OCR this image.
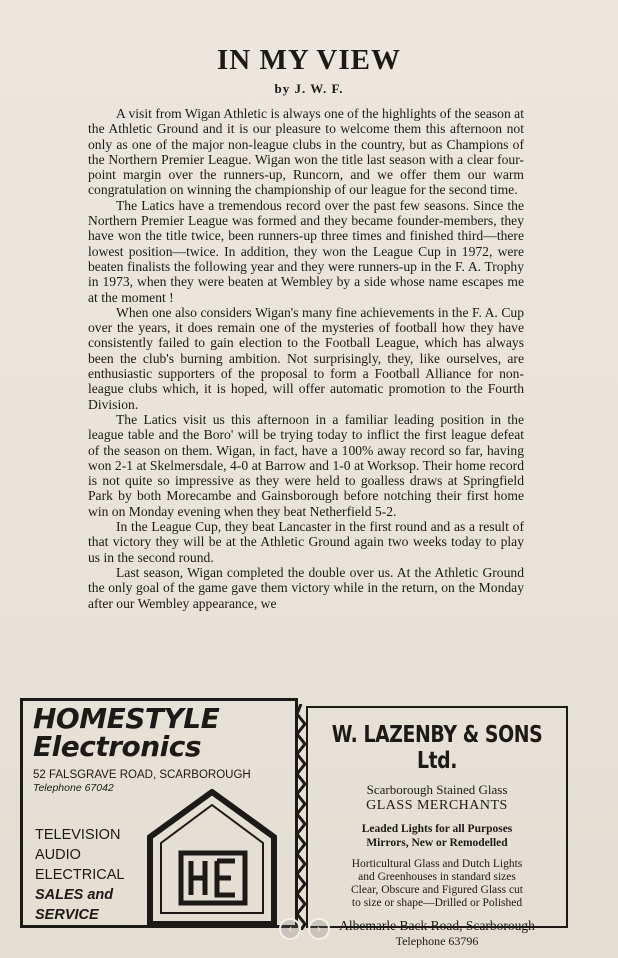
IN MY VIEW
by J. W. F.

A visit from Wigan Athletic is always one of the highlights of the season at the Athletic Ground and it is our pleasure to welcome them this afternoon not only as one of the major non-league clubs in the country, but as Champions of the Northern Premier League. Wigan won the title last season with a clear four-point margin over the runners-up, Runcorn, and we offer them our warm congratulation on winning the championship of our league for the second time.

The Latics have a tremendous record over the past few seasons. Since the Northern Premier League was formed and they became founder-members, they have won the title twice, been runners-up three times and finished third—there lowest position—twice. In addition, they won the League Cup in 1972, were beaten finalists the following year and they were runners-up in the F. A. Trophy in 1973, when they were beaten at Wembley by a side whose name escapes me at the moment !

When one also considers Wigan's many fine achievements in the F. A. Cup over the years, it does remain one of the mysteries of football how they have consistently failed to gain election to the Football League, which has always been the club's burning ambition. Not surprisingly, they, like ourselves, are enthusiastic supporters of the proposal to form a Football Alliance for non-league clubs which, it is hoped, will offer automatic promotion to the Fourth Division.

The Latics visit us this afternoon in a familiar leading position in the league table and the Boro' will be trying today to inflict the first league defeat of the season on them. Wigan, in fact, have a 100% away record so far, having won 2-1 at Skelmersdale, 4-0 at Barrow and 1-0 at Worksop. Their home record is not quite so impressive as they were held to goalless draws at Springfield Park by both Morecambe and Gainsborough before notching their first home win on Monday evening when they beat Netherfield 5-2.

In the League Cup, they beat Lancaster in the first round and as a result of that victory they will be at the Athletic Ground again two weeks today to play us in the second round.

Last season, Wigan completed the double over us. At the Athletic Ground the only goal of the game gave them victory while in the return, on the Monday after our Wembley appearance, we

HOMESTYLE
Electronics
52 FALSGRAVE ROAD, SCARBOROUGH
Telephone 67042
TELEVISION
AUDIO
ELECTRICAL
SALES and
SERVICE
W. LAZENBY & SONS Ltd.
Scarborough Stained Glass
GLASS MERCHANTS
Leaded Lights for all Purposes
Mirrors, New or Remodelled
Horticultural Glass and Dutch Lights
and Greenhouses in standard sizes
Clear, Obscure and Figured Glass cut
to size or shape—Drilled or Polished
Albemarle Back Road, Scarborough
Telephone 63796
‹	›
